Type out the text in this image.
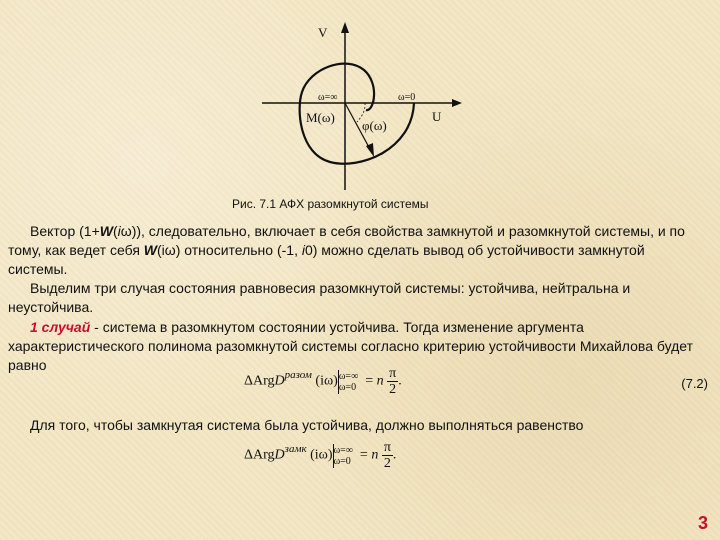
V
U
ω=∞	ω=0
M(ω)
φ(ω)
Рис. 7.1 АФХ разомкнутой системы

Вектор (1+W(iω)), следовательно, включает в себя свойства замкнутой и разомкнутой системы, и по тому, как ведет себя W(iω) относительно (-1, i0) можно сделать вывод об устойчивости замкнутой системы.

Выделим три случая состояния равновесия разомкнутой системы: устойчива, нейтральна и неустойчива.

1 случай - система в разомкнутом состоянии устойчива. Тогда изменение аргумента характеристического полинома разомкнутой системы согласно критерию устойчивости Михайлова будет равно

ΔArgD$^{разом}$ (iω) ω=∞
ω=0 = n $\frac{\pi}{2}$ .	(7.2)

Для того, чтобы замкнутая система была устойчива, должно выполняться равенство

ΔArgD$^{замк}$ (iω) ω=∞
ω=0 = n $\frac{\pi}{2}$ .
3
